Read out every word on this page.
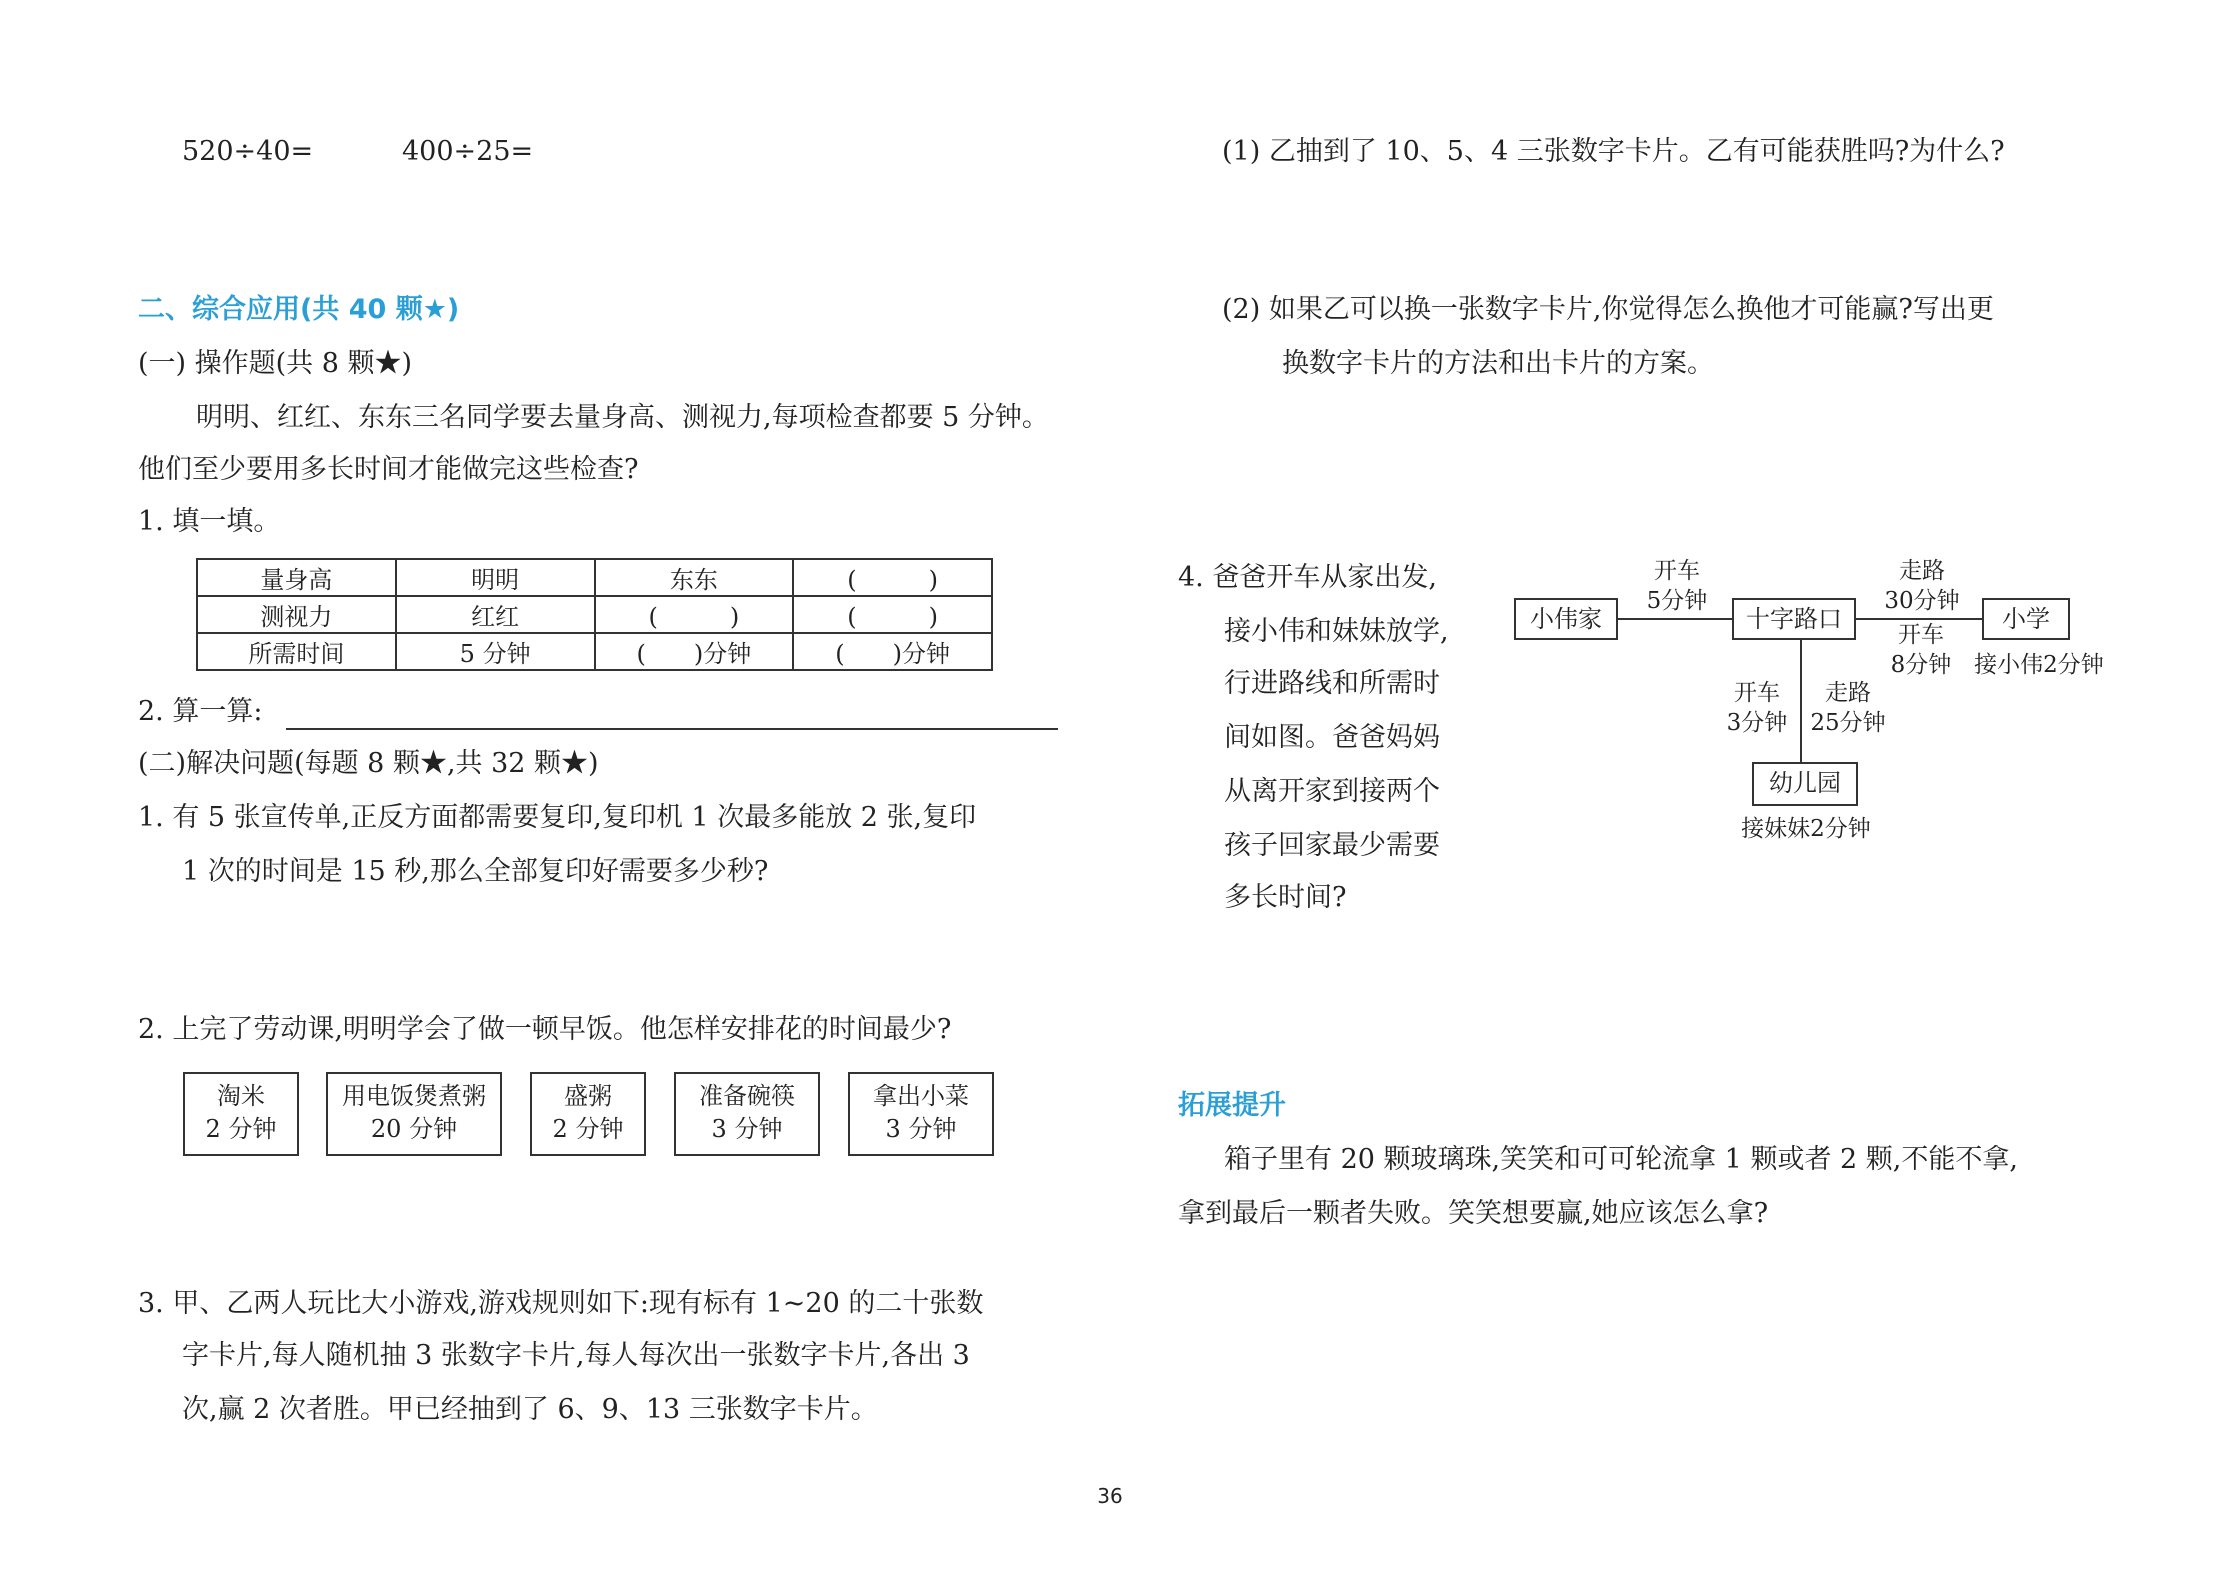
520÷40=	400÷25=
二、综合应用(共 40 颗★)
(一) 操作题(共 8 颗★)
明明、红红、东东三名同学要去量身高、测视力,每项检查都要 5 分钟。
他们至少要用多长时间才能做完这些检查?
1. 填一填。
量身高	明明	东东	(　　　)
测视力	红红	(　　　)	(　　　)
所需时间	5 分钟	(　　)分钟	(　　)分钟
2. 算一算:
(二)解决问题(每题 8 颗★,共 32 颗★)
1. 有 5 张宣传单,正反方面都需要复印,复印机 1 次最多能放 2 张,复印
1 次的时间是 15 秒,那么全部复印好需要多少秒?
2. 上完了劳动课,明明学会了做一顿早饭。他怎样安排花的时间最少?
淘米
2 分钟
用电饭煲煮粥
20 分钟
盛粥
2 分钟
准备碗筷
3 分钟
拿出小菜
3 分钟
3. 甲、乙两人玩比大小游戏,游戏规则如下:现有标有 1~20 的二十张数
字卡片,每人随机抽 3 张数字卡片,每人每次出一张数字卡片,各出 3
次,赢 2 次者胜。甲已经抽到了 6、9、13 三张数字卡片。
(1) 乙抽到了 10、5、4 三张数字卡片。乙有可能获胜吗?为什么?
(2) 如果乙可以换一张数字卡片,你觉得怎么换他才可能赢?写出更
换数字卡片的方法和出卡片的方案。
4. 爸爸开车从家出发,
接小伟和妹妹放学,
行进路线和所需时
间如图。爸爸妈妈
从离开家到接两个
孩子回家最少需要
多长时间?
小伟家	十字路口	小学
幼儿园
开车
5分钟
走路
30分钟
开车
8分钟 接小伟2分钟
开车
3分钟
走路
25分钟
接妹妹2分钟
拓展提升
箱子里有 20 颗玻璃珠,笑笑和可可轮流拿 1 颗或者 2 颗,不能不拿,
拿到最后一颗者失败。笑笑想要赢,她应该怎么拿?
36
